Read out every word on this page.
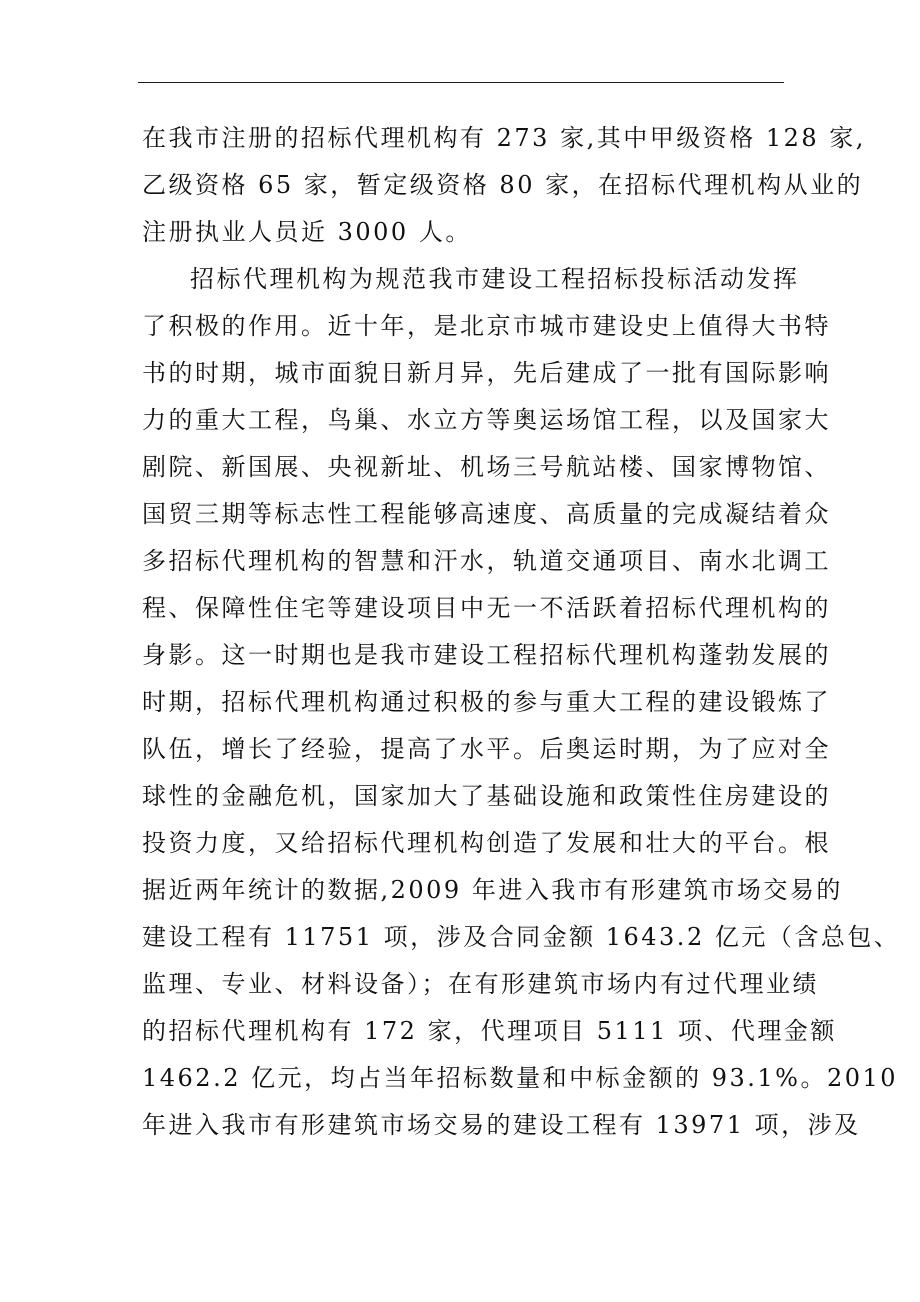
在我市注册的招标代理机构有 273 家,其中甲级资格 128 家,
乙级资格 65 家，暂定级资格 80 家，在招标代理机构从业的
注册执业人员近 3000 人。
招标代理机构为规范我市建设工程招标投标活动发挥
了积极的作用。近十年，是北京市城市建设史上值得大书特
书的时期，城市面貌日新月异，先后建成了一批有国际影响
力的重大工程，鸟巢、水立方等奥运场馆工程，以及国家大
剧院、新国展、央视新址、机场三号航站楼、国家博物馆、
国贸三期等标志性工程能够高速度、高质量的完成凝结着众
多招标代理机构的智慧和汗水，轨道交通项目、南水北调工
程、保障性住宅等建设项目中无一不活跃着招标代理机构的
身影。这一时期也是我市建设工程招标代理机构蓬勃发展的
时期，招标代理机构通过积极的参与重大工程的建设锻炼了
队伍，增长了经验，提高了水平。后奥运时期，为了应对全
球性的金融危机，国家加大了基础设施和政策性住房建设的
投资力度，又给招标代理机构创造了发展和壮大的平台。根
据近两年统计的数据,2009 年进入我市有形建筑市场交易的
建设工程有 11751 项，涉及合同金额 1643.2 亿元（含总包、
监理、专业、材料设备）；在有形建筑市场内有过代理业绩
的招标代理机构有 172 家，代理项目 5111 项、代理金额
1462.2 亿元，均占当年招标数量和中标金额的 93.1%。2010
年进入我市有形建筑市场交易的建设工程有 13971 项，涉及
